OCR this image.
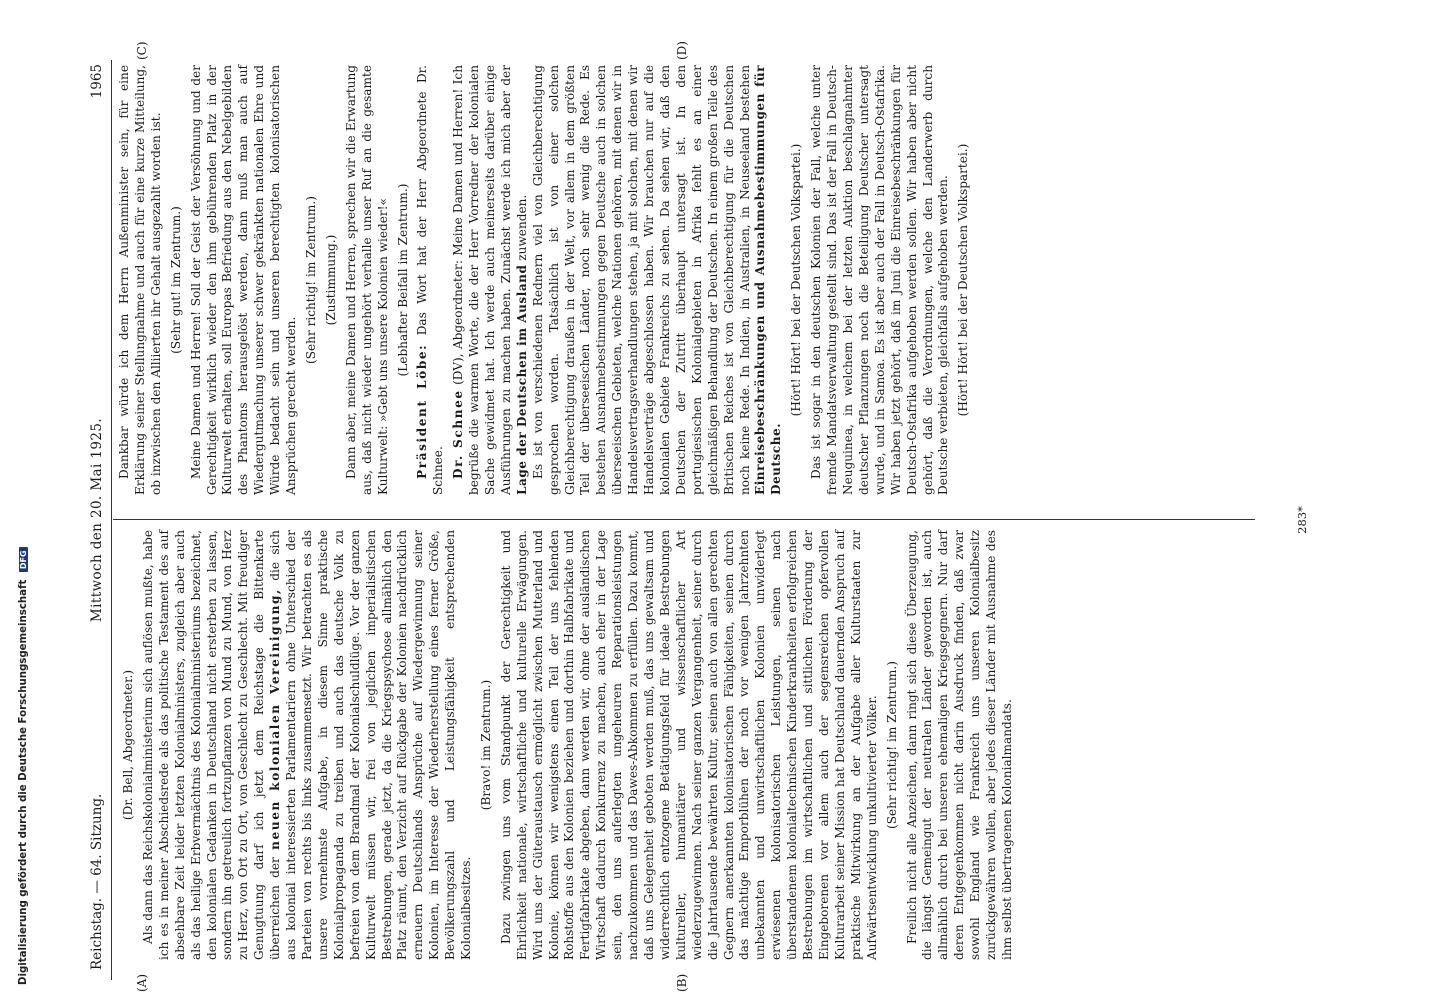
Reichstag. — 64. Sitzung.
Mittwoch den 20. Mai 1925.
1965
(A)	(B)
(C)	(D)

(Dr. Bell, Abgeordneter.) Als dann das Reichskolonialministerium sich auflösen mußte, habe ich es in meiner Abschiedsrede als das politische Testament des auf absehbare Zeit leider letzten Kolonialministers, zugleich aber auch als das heilige Erbvermächtnis des Kolonialministeriums bezeichnet, den kolonialen Gedanken in Deutschland nicht ersterben zu lassen, sondern ihn getreulich fortzupflanzen von Mund zu Mund, von Herz zu Herz, von Ort zu Ort, von Geschlecht zu Geschlecht. Mit freudiger Genugtuung darf ich jetzt dem Reichstage die Bittenkarte überreichen der neuen kolonialen Vereinigung, die sich aus kolonial interessierten Parlamentariern ohne Unterschied der Parteien von rechts bis links zusammensetzt. Wir betrachten es als unsere vornehmste Aufgabe, in diesem Sinne praktische Kolonialpropaganda zu treiben und auch das deutsche Volk zu befreien von dem Brandmal der Kolonialschuldlüge. Vor der ganzen Kulturwelt müssen wir, frei von jeglichen imperialistischen Bestrebungen, gerade jetzt, da die Kriegspsychose allmählich den Platz räumt, den Verzicht auf Rückgabe der Kolonien nachdrücklich erneuern Deutschlands Ansprüche auf Wiedergewinnung seiner Kolonien, im Interesse der Wiederherstellung eines ferner Größe, Bevölkerungszahl und Leistungsfähigkeit entsprechenden Kolonialbesitzes.

(Bravo! im Zentrum.) Dazu zwingen uns vom Standpunkt der Gerechtigkeit und Ehrlichkeit nationale, wirtschaftliche und kulturelle Erwägungen. Wird uns der Güteraustausch ermöglicht zwischen Mutterland und Kolonie, können wir wenigstens einen Teil der uns fehlenden Rohstoffe aus den Kolonien beziehen und dorthin Halbfabrikate und Fertigfabrikate abgeben, dann werden wir, ohne der ausländischen Wirtschaft dadurch Konkurrenz zu machen, auch eher in der Lage sein, den uns auferlegten ungeheuren Reparationsleistungen nachzukommen und das Dawes-Abkommen zu erfüllen. Dazu kommt, daß uns Gelegenheit geboten werden muß, das uns gewaltsam und widerrechtlich entzogene Betätigungsfeld für ideale Bestrebungen kultureller, humanitärer und wissenschaftlicher Art wiederzugewinnen. Nach seiner ganzen Vergangenheit, seiner durch die Jahrtausende bewährten Kultur, seinen auch von allen gerechten Gegnern anerkannten kolonisatorischen Fähigkeiten, seinen durch das mächtige Emporblühen der noch vor wenigen Jahrzehnten unbekannten und unwirtschaftlichen Kolonien unwiderlegt erwiesenen kolonisatorischen Leistungen, seinen nach überstandenem kolonialtechnischen Kinderkrankheiten erfolgreichen Bestrebungen im wirtschaftlichen und sittlichen Förderung der Eingeborenen vor allem auch der segensreichen opfervollen Kulturarbeit seiner Mission hat Deutschland dauernden Anspruch auf praktische Mitwirkung an der Aufgabe aller Kulturstaaten zur Aufwärtsentwicklung unkultivierter Völker. (Sehr richtig! im Zentrum.) Freilich nicht alle Anzeichen, dann ringt sich diese Überzeugung, die längst Gemeingut der neutralen Länder geworden ist, auch allmählich durch bei unseren ehemaligen Kriegsgegnern. Nur darf deren Entgegenkommen nicht darin Ausdruck finden, daß zwar sowohl England wie Frankreich uns unseren Kolonialbesitz zurückgewähren wollen, aber jedes dieser Länder mit Ausnahme des ihm selbst übertragenen Kolonialmandats.

Dankbar würde ich dem Herrn Außenminister sein, für eine Erklärung seiner Stellungnahme und auch für eine kurze Mitteilung, ob inzwischen den Alliierten ihr Gehalt ausgezahlt worden ist. (Sehr gut! im Zentrum.) Meine Damen und Herren! Soll der Geist der Versöhnung und der Gerechtigkeit wirklich wieder den ihm gebührenden Platz in der Kulturwelt erhalten, soll Europas Befriedung aus den Nebelgebilden des Phantoms herausgelöst werden, dann muß man auch auf Wiedergutmachung unserer schwer gekränkten nationalen Ehre und Würde bedacht sein und unseren berechtigten kolonisatorischen Ansprüchen gerecht werden.

(Sehr richtig! im Zentrum.) (Zustimmung.) Dann aber, meine Damen und Herren, sprechen wir die Erwartung aus, daß nicht wieder ungehört verhalle unser Ruf an die gesamte Kulturwelt: »Gebt uns unsere Kolonien wieder!« (Lebhafter Beifall im Zentrum.)

Präsident Löbe: Das Wort hat der Herr Abgeordnete Dr. Schnee. Dr. Schnee (DV), Abgeordneter: Meine Damen und Herren! Ich begrüße die warmen Worte, die der Herr Vorredner der kolonialen Sache gewidmet hat. Ich werde auch meinerseits darüber einige Ausführungen zu machen haben. Zunächst werde ich mich aber der Lage der Deutschen im Ausland zuwenden. Es ist von verschiedenen Rednern viel von Gleichberechtigung gesprochen worden. Tatsächlich ist von einer solchen Gleichberechtigung draußen in der Welt, vor allem in dem größten Teil der überseeischen Länder, noch sehr wenig die Rede. Es bestehen Ausnahmebestimmungen gegen Deutsche auch in solchen überseeischen Gebieten, welche Nationen gehören, mit denen wir in Handelsvertragsverhandlungen stehen, ja mit solchen, mit denen wir Handelsverträge abgeschlossen haben. Wir brauchen nur auf die kolonialen Gebiete Frankreichs zu sehen. Da sehen wir, daß den Deutschen der Zutritt überhaupt untersagt ist. In den portugiesischen Kolonialgebieten in Afrika fehlt es an einer gleichmäßigen Behandlung der Deutschen. In einem großen Teile des Britischen Reiches ist von Gleichberechtigung für die Deutschen noch keine Rede. In Indien, in Australien, in Neuseeland bestehen Einreisebeschränkungen und Ausnahmebestimmungen für Deutsche.

(Hört! Hört! bei der Deutschen Volkspartei.) Das ist sogar in den deutschen Kolonien der Fall, welche unter fremde Mandatsverwaltung gestellt sind. Das ist der Fall in Deutsch-Neuguinea, in welchem bei der letzten Auktion beschlagnahmter deutscher Pflanzungen noch die Beteiligung Deutscher untersagt wurde, und in Samoa. Es ist aber auch der Fall in Deutsch-Ostafrika. Wir haben jetzt gehört, daß im Juni die Einreisebeschränkungen für Deutsch-Ostafrika aufgehoben werden sollen. Wir haben aber nicht gehört, daß die Verordnungen, welche den Landerwerb durch Deutsche verbieten, gleichfalls aufgehoben werden. (Hört! Hört! bei der Deutschen Volkspartei.)

283*
Digitalisierung gefördert durch die Deutsche Forschungsgemeinschaft DFG
